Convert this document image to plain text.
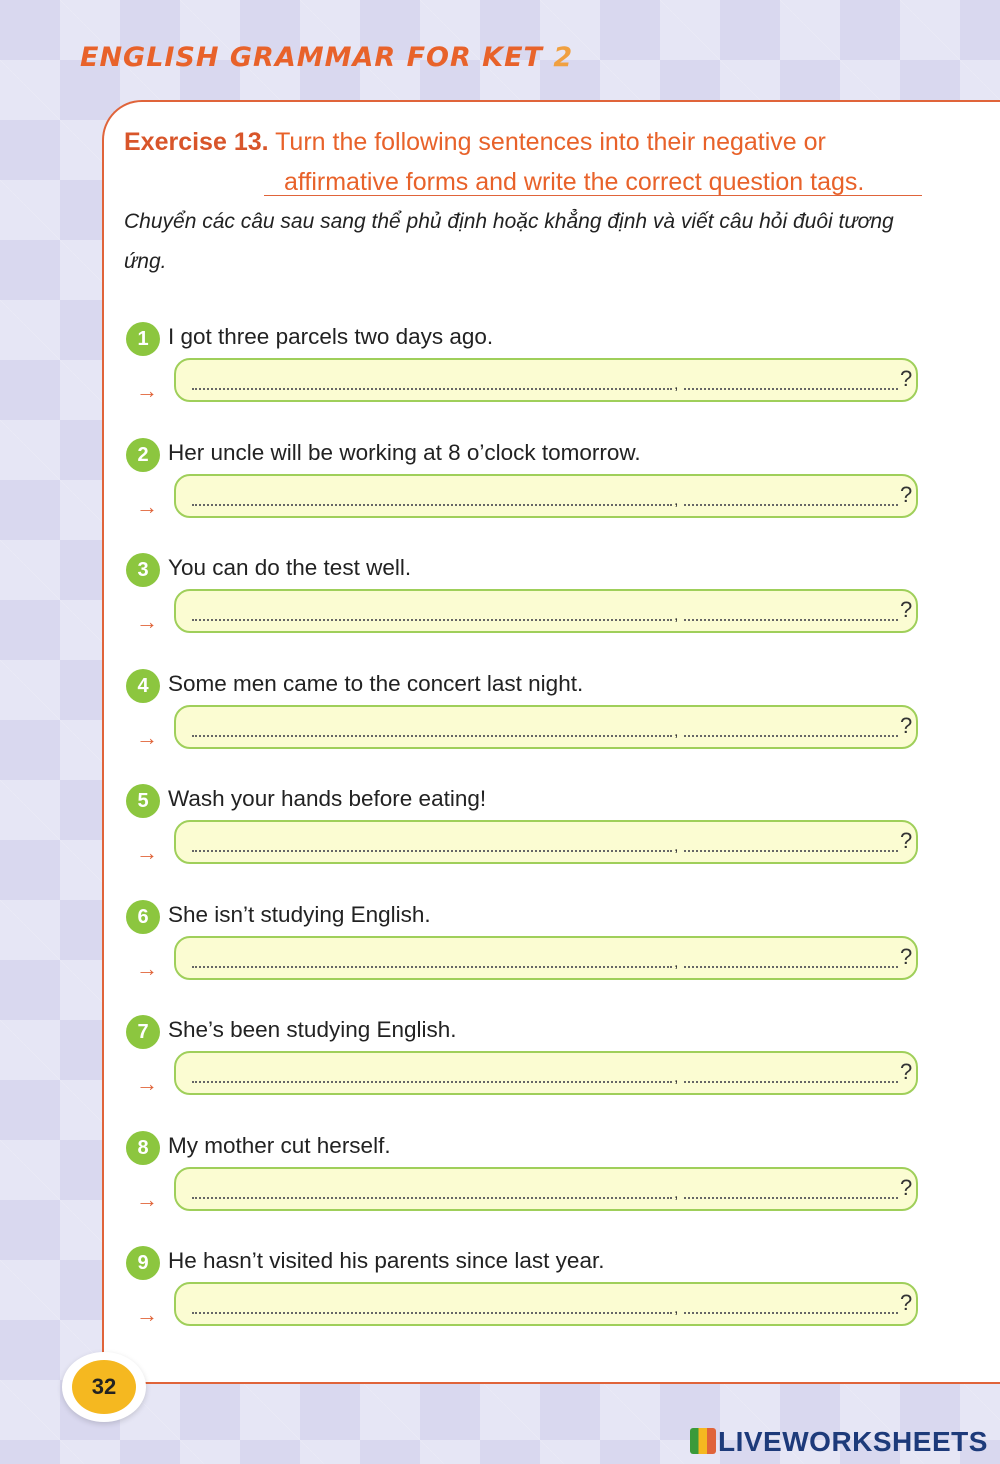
ENGLISH GRAMMAR FOR KET 2
Exercise 13. Turn the following sentences into their negative or

affirmative forms and write the correct question tags.
Chuyển các câu sau sang thể phủ định hoặc khẳng định và viết câu hỏi đuôi tương ứng.
1 I got three parcels two days ago.
→	,	?
2 Her uncle will be working at 8 o’clock tomorrow.
→	,	?
3 You can do the test well.
→	,	?
4 Some men came to the concert last night.
→	,	?
5 Wash your hands before eating!
→	,	?
6 She isn’t studying English.
→	,	?
7 She’s been studying English.
→	,	?
8 My mother cut herself.
→	,	?
9 He hasn’t visited his parents since last year.
→	,	?
32
LIVEWORKSHEETS
